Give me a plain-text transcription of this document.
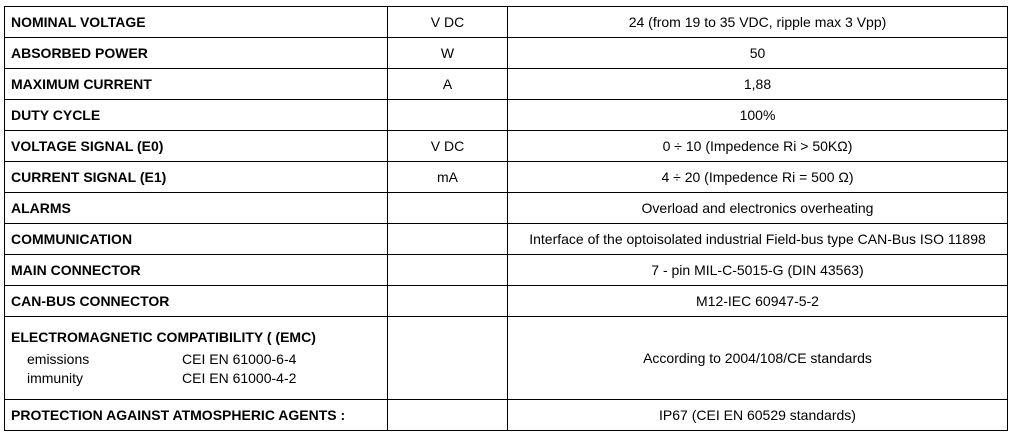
NOMINAL VOLTAGE	V DC	24 (from 19 to 35 VDC, ripple max 3 Vpp)
ABSORBED POWER	W	50
MAXIMUM CURRENT	A	1,88
DUTY CYCLE		100%
VOLTAGE SIGNAL (E0)	V DC	0 ÷ 10 (Impedence Ri > 50KΩ)
CURRENT SIGNAL (E1)	mA	4 ÷ 20 (Impedence Ri = 500 Ω)
ALARMS		Overload and electronics overheating
COMMUNICATION		Interface of the optoisolated industrial Field-bus type CAN-Bus ISO 11898
MAIN CONNECTOR		7 - pin MIL-C-5015-G (DIN 43563)
CAN-BUS CONNECTOR		M12-IEC 60947-5-2

ELECTROMAGNETIC COMPATIBILITY ( (EMC)
emissions CEI EN 61000-6-4
immunity CEI EN 61000-4-2		According to 2004/108/CE standards
PROTECTION AGAINST ATMOSPHERIC AGENTS :		IP67 (CEI EN 60529 standards)
